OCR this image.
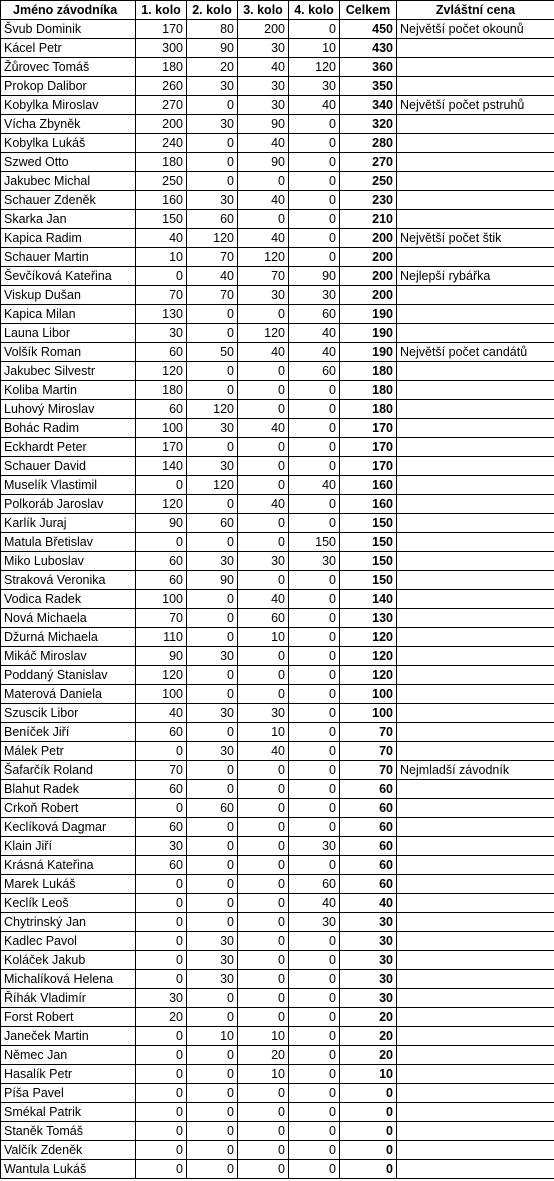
Jméno závodníka	1. kolo	2. kolo	3. kolo	4. kolo	Celkem	Zvláštní cena
Švub Dominik	170	80	200	0	450	Největší počet okounů
Kácel Petr	300	90	30	10	430	
Žůrovec Tomáš	180	20	40	120	360	
Prokop Dalibor	260	30	30	30	350	
Kobylka Miroslav	270	0	30	40	340	Největší počet pstruhů
Vícha Zbyněk	200	30	90	0	320	
Kobylka Lukáš	240	0	40	0	280	
Szwed Otto	180	0	90	0	270	
Jakubec Michal	250	0	0	0	250	
Schauer Zdeněk	160	30	40	0	230	
Skarka Jan	150	60	0	0	210	
Kapica Radim	40	120	40	0	200	Největší počet štik
Schauer Martin	10	70	120	0	200	
Ševčíková Kateřina	0	40	70	90	200	Nejlepší rybářka
Viskup Dušan	70	70	30	30	200	
Kapica Milan	130	0	0	60	190	
Launa Libor	30	0	120	40	190	
Volšík Roman	60	50	40	40	190	Největší počet candátů
Jakubec Silvestr	120	0	0	60	180	
Koliba Martin	180	0	0	0	180	
Luhový Miroslav	60	120	0	0	180	
Bohác Radim	100	30	40	0	170	
Eckhardt Peter	170	0	0	0	170	
Schauer David	140	30	0	0	170	
Muselík Vlastimil	0	120	0	40	160	
Polkoráb Jaroslav	120	0	40	0	160	
Karlík Juraj	90	60	0	0	150	
Matula Břetislav	0	0	0	150	150	
Miko Luboslav	60	30	30	30	150	
Straková Veronika	60	90	0	0	150	
Vodica Radek	100	0	40	0	140	
Nová Michaela	70	0	60	0	130	
Džurná Michaela	110	0	10	0	120	
Mikáč Miroslav	90	30	0	0	120	
Poddaný Stanislav	120	0	0	0	120	
Materová Daniela	100	0	0	0	100	
Szuscik Libor	40	30	30	0	100	
Beníček Jiří	60	0	10	0	70	
Málek Petr	0	30	40	0	70	
Šafarčík Roland	70	0	0	0	70	Nejmladší závodník
Blahut Radek	60	0	0	0	60	
Crkoň Robert	0	60	0	0	60	
Keclíková Dagmar	60	0	0	0	60	
Klain Jiří	30	0	0	30	60	
Krásná Kateřina	60	0	0	0	60	
Marek Lukáš	0	0	0	60	60	
Keclík Leoš	0	0	0	40	40	
Chytrinský Jan	0	0	0	30	30	
Kadlec Pavol	0	30	0	0	30	
Koláček Jakub	0	30	0	0	30	
Michalíková Helena	0	30	0	0	30	
Říhák Vladimír	30	0	0	0	30	
Forst Robert	20	0	0	0	20	
Janeček Martin	0	10	10	0	20	
Němec Jan	0	0	20	0	20	
Hasalík Petr	0	0	10	0	10	
Píša Pavel	0	0	0	0	0	
Smékal Patrik	0	0	0	0	0	
Staněk Tomáš	0	0	0	0	0	
Valčík Zdeněk	0	0	0	0	0	
Wantula Lukáš	0	0	0	0	0	
